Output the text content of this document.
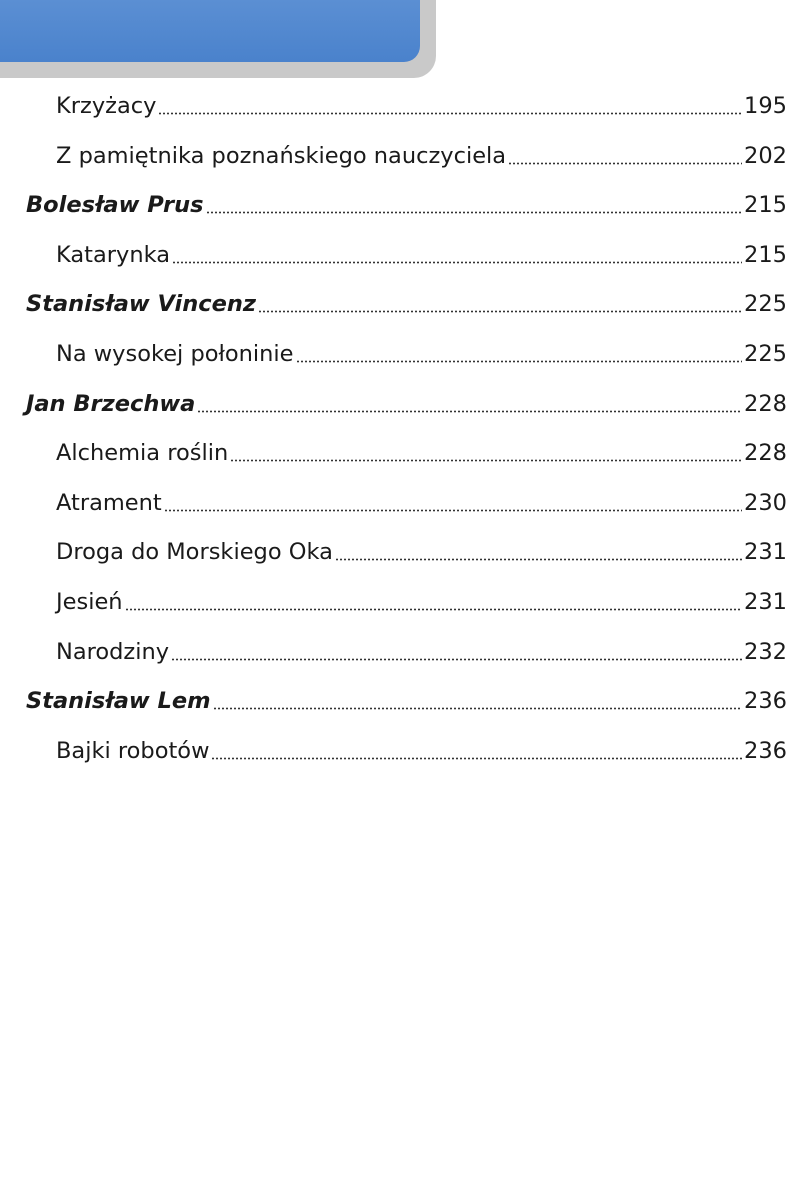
Krzyżacy	195
Z pamiętnika poznańskiego nauczyciela	202
Bolesław Prus	215
Katarynka	215
Stanisław Vincenz	225
Na wysokej połoninie	225
Jan Brzechwa	228
Alchemia roślin	228
Atrament	230
Droga do Morskiego Oka	231
Jesień	231
Narodziny	232
Stanisław Lem	236
Bajki robotów	236
